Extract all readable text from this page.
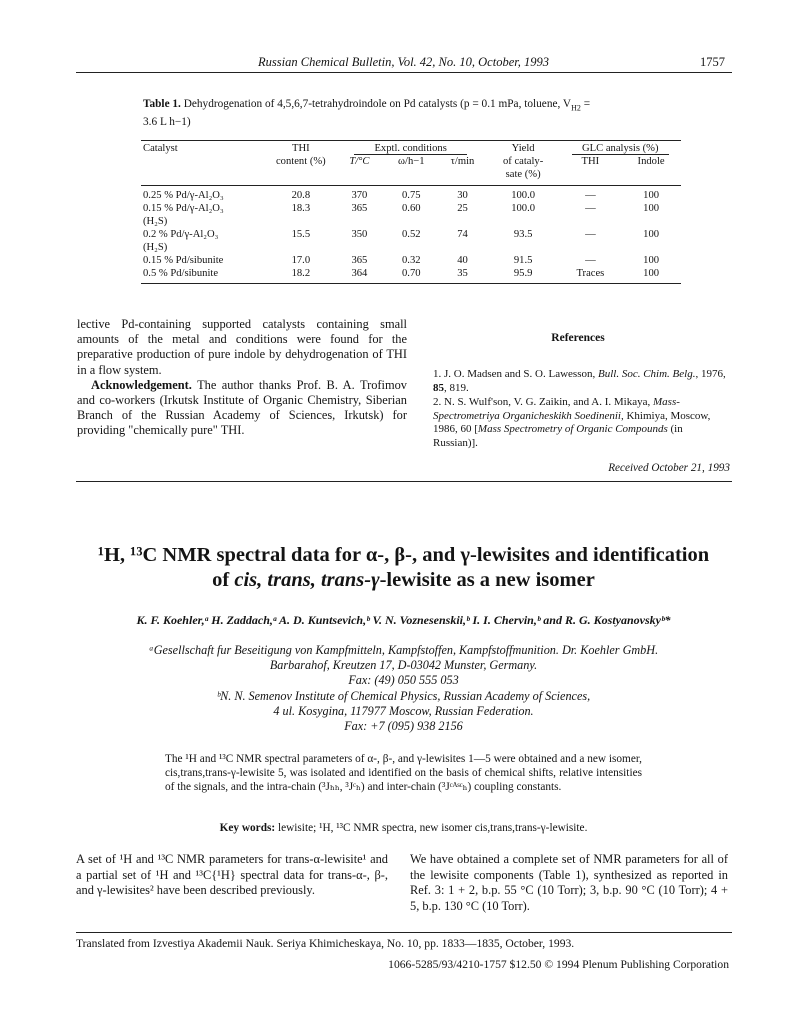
Russian Chemical Bulletin, Vol. 42, No. 10, October, 1993	1757
Table 1. Dehydrogenation of 4,5,6,7-tetrahydroindole on Pd catalysts (p = 0.1 mPa, toluene, $V_{H2}$ =
3.6 L h−1)
Catalyst	THI	Exptl. conditions			Yield	GLC analysis (%)	
	content (%)	T/°C	ω/h−1	τ/min	of cataly-	THI	Indole
					sate (%)		

0.25 % Pd/γ-Al₂O₃	20.8	370	0.75	30	100.0	—	100
0.15 % Pd/γ-Al₂O₃
(H₂S)	18.3	365	0.60	25	100.0	—	100
0.2 % Pd/γ-Al₂O₃
(H₂S)	15.5	350	0.52	74	93.5	—	100
0.15 % Pd/sibunite	17.0	365	0.32	40	91.5	—	100
0.5 % Pd/sibunite	18.2	364	0.70	35	95.9	Traces	100

lective Pd-containing supported catalysts containing small amounts of the metal and conditions were found for the preparative production of pure indole by dehydrogenation of THI in a flow system.
Acknowledgement. The author thanks Prof. B. A. Trofimov and co-workers (Irkutsk Institute of Organic Chemistry, Siberian Branch of the Russian Academy of Sciences, Irkutsk) for providing "chemically pure" THI.
References
1. J. O. Madsen and S. O. Lawesson, Bull. Soc. Chim. Belg., 1976, 85, 819.
2. N. S. Wulf'son, V. G. Zaikin, and A. I. Mikaya, Mass-Spectrometriya Organicheskikh Soedinenii, Khimiya, Moscow, 1986, 60 [Mass Spectrometry of Organic Compounds (in Russian)].
Received October 21, 1993
¹H, ¹³C NMR spectral data for α-, β-, and γ-lewisites and identification
of cis, trans, trans-γ-lewisite as a new isomer
K. F. Koehler,ᵃ H. Zaddach,ᵃ A. D. Kuntsevich,ᵇ V. N. Voznesenskii,ᵇ I. I. Chervin,ᵇ and R. G. Kostyanovskyᵇ*
ᵃGesellschaft fur Beseitigung von Kampfmitteln, Kampfstoffen, Kampfstoffmunition. Dr. Koehler GmbH.
Barbarahof, Kreutzen 17, D-03042 Munster, Germany.
Fax: (49) 050 555 053
ᵇN. N. Semenov Institute of Chemical Physics, Russian Academy of Sciences,
4 ul. Kosygina, 117977 Moscow, Russian Federation.
Fax: +7 (095) 938 2156
The ¹H and ¹³C NMR spectral parameters of α-, β-, and γ-lewisites 1—5 were obtained and a new isomer, cis,trans,trans-γ-lewisite 5, was isolated and identified on the basis of chemical shifts, relative intensities of the signals, and the intra-chain (³Jₕₕ, ³Jᶜₕ) and inter-chain (³Jᶜᴬˢᶜₕ) coupling constants.
Key words: lewisite; ¹H, ¹³C NMR spectra, new isomer cis,trans,trans-γ-lewisite.
A set of ¹H and ¹³C NMR parameters for trans-α-lewisite¹ and a partial set of ¹H and ¹³C{¹H} spectral data for trans-α-, β-, and γ-lewisites² have been described previously.
We have obtained a complete set of NMR parameters for all of the lewisite components (Table 1), synthesized as reported in Ref. 3: 1 + 2, b.p. 55 °C (10 Torr); 3, b.p. 90 °C (10 Torr); 4 + 5, b.p. 130 °C (10 Torr).
Translated from Izvestiya Akademii Nauk. Seriya Khimicheskaya, No. 10, pp. 1833—1835, October, 1993.
1066-5285/93/4210-1757 $12.50 © 1994 Plenum Publishing Corporation
